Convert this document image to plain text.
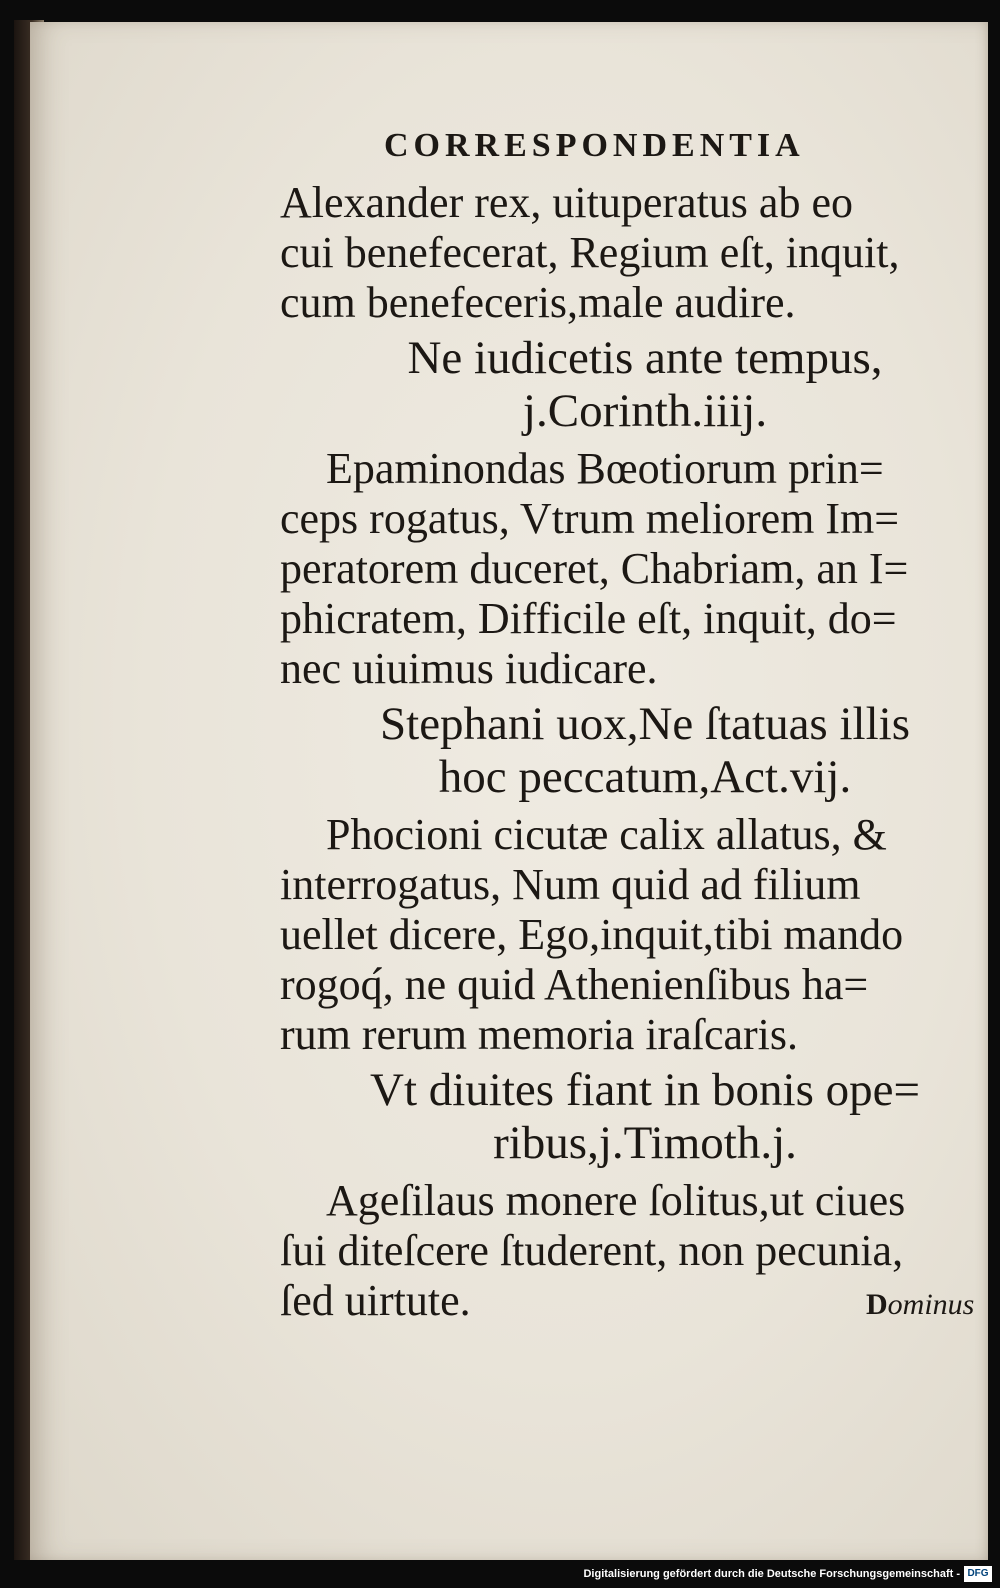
CORRESPONDENTIA
Alexander rex, uituperatus ab eo
cui benefecerat, Regium eſt, inquit,
cum benefeceris,male audire.
Ne iudicetis ante tempus,
j.Corinth.iiij.
Epaminondas Bœotiorum prin=
ceps rogatus, Vtrum meliorem Im=
peratorem duceret, Chabriam, an I=
phicratem, Difficile eſt, inquit, do=
nec uiuimus iudicare.
Stephani uox,Ne ſtatuas illis
hoc peccatum,Act.vij.
Phocioni cicutæ calix allatus, &
interrogatus, Num quid ad filium
uellet dicere, Ego,inquit,tibi mando
rogoq́, ne quid Athenienſibus ha=
rum rerum memoria iraſcaris.
Vt diuites fiant in bonis ope=
ribus,j.Timoth.j.
Ageſilaus monere ſolitus,ut ciues
ſui diteſcere ſtuderent, non pecunia,
ſed uirtute.	Dominus
Digitalisierung gefördert durch die Deutsche Forschungsgemeinschaft - DFG
